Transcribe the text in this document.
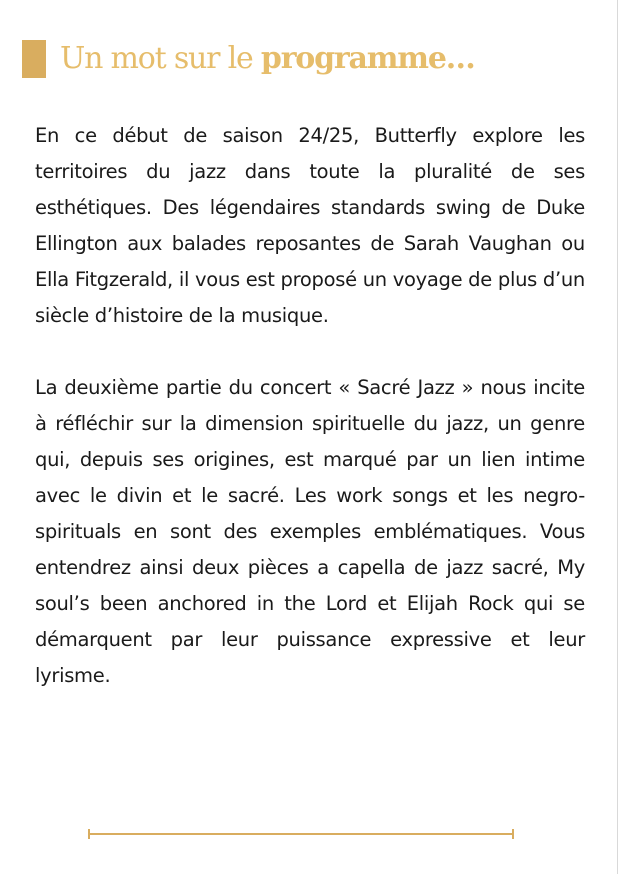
Un mot sur le programme…

En ce début de saison 24/25, Butterfly explore les territoires du jazz dans toute la pluralité de ses esthétiques. Des légendaires standards swing de Duke Ellington aux balades reposantes de Sarah Vaughan ou Ella Fitgzerald, il vous est proposé un voyage de plus d’un siècle d’histoire de la musique.

La deuxième partie du concert « Sacré Jazz » nous incite à réfléchir sur la dimension spirituelle du jazz, un genre qui, depuis ses origines, est marqué par un lien intime avec le divin et le sacré. Les work songs et les negro-spirituals en sont des exemples emblématiques. Vous entendrez ainsi deux pièces a capella de jazz sacré, My soul’s been anchored in the Lord et Elijah Rock qui se démarquent par leur puissance expressive et leur lyrisme.
